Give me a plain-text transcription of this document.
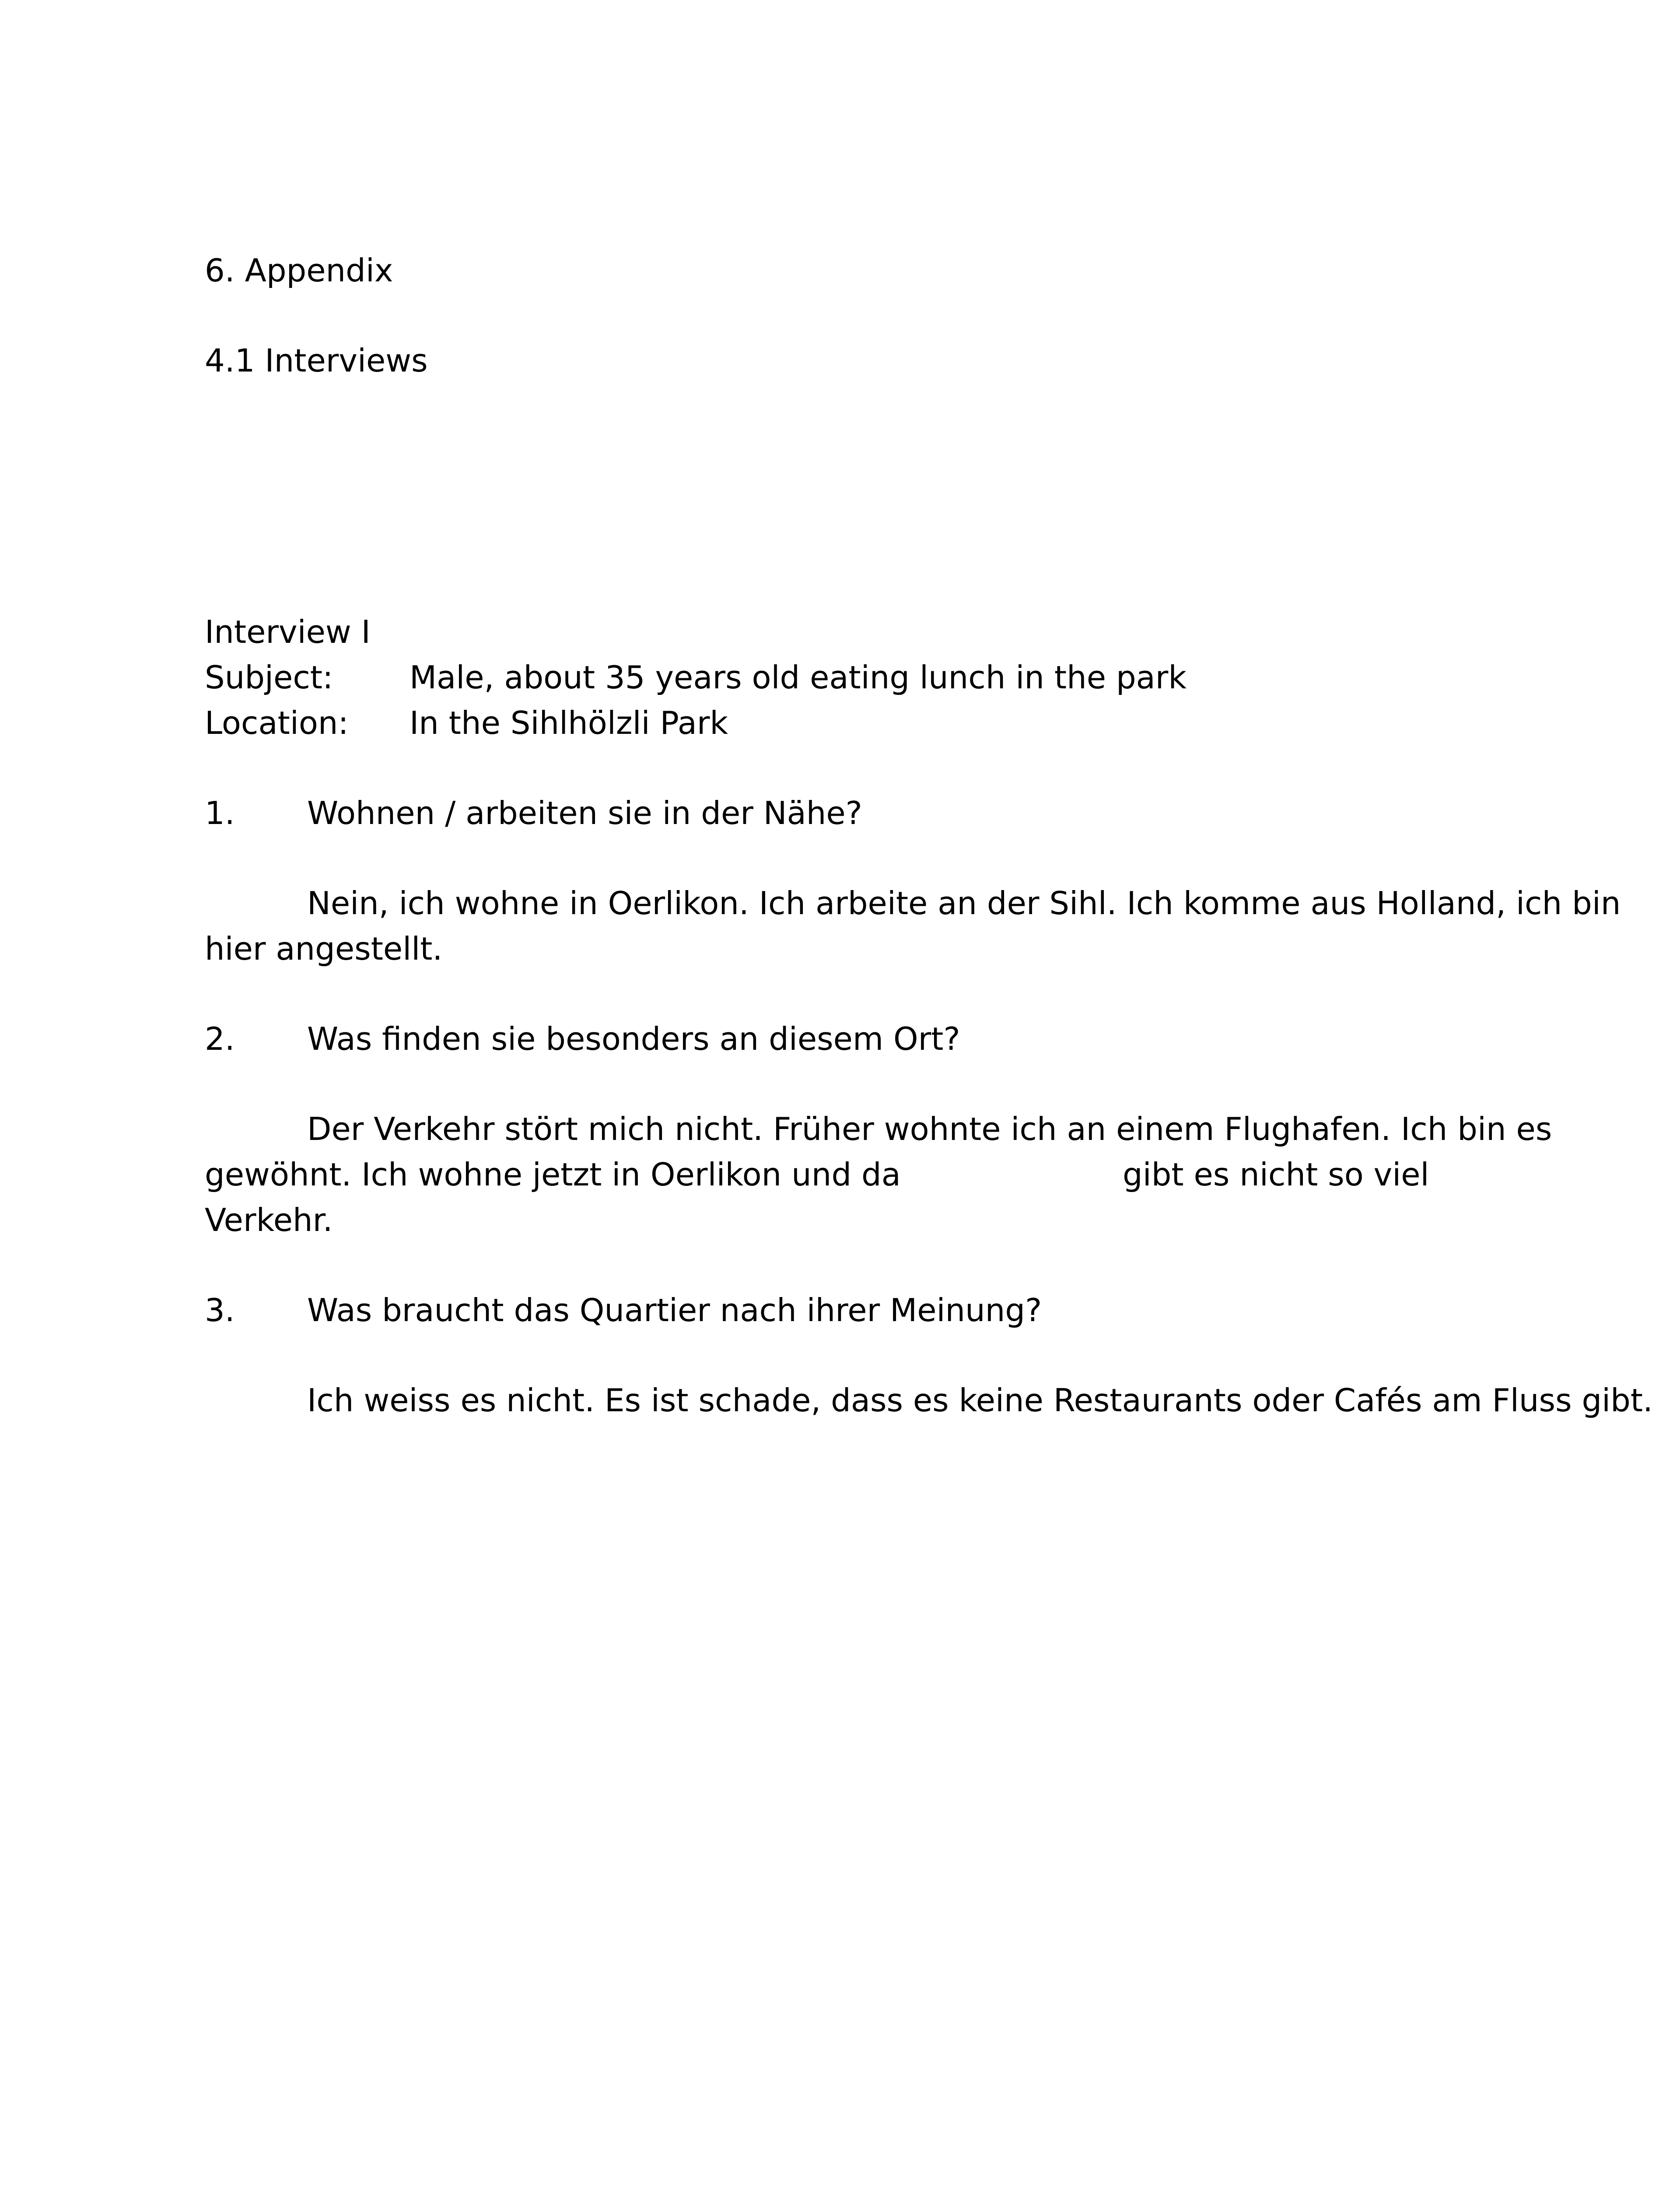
6. Appendix

4.1 Interviews

Interview I

Subject: Male, about 35 years old eating lunch in the park
Location: In the Sihlhölzli Park
1. Wohnen / arbeiten sie in der Nähe?

Nein, ich wohne in Oerlikon. Ich arbeite an der Sihl. Ich komme aus Holland, ich bin

hier angestellt.

2. Was finden sie besonders an diesem Ort?

Der Verkehr stört mich nicht. Früher wohnte ich an einem Flughafen. Ich bin es

gewöhnt. Ich wohne jetzt in Oerlikon und da	gibt es nicht so viel

Verkehr.

3. Was braucht das Quartier nach ihrer Meinung?

Ich weiss es nicht. Es ist schade, dass es keine Restaurants oder Cafés am Fluss gibt.
